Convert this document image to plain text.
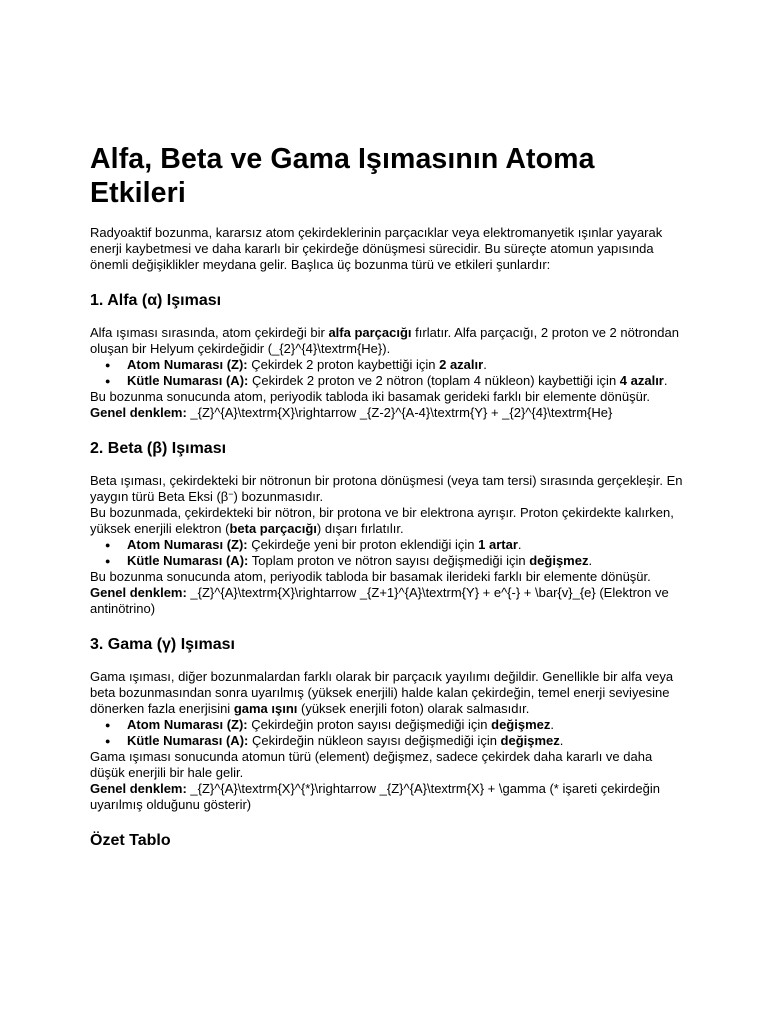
Alfa, Beta ve Gama Işımasının Atoma Etkileri

Radyoaktif bozunma, kararsız atom çekirdeklerinin parçacıklar veya elektromanyetik ışınlar yayarak enerji kaybetmesi ve daha kararlı bir çekirdeğe dönüşmesi sürecidir. Bu süreçte atomun yapısında önemli değişiklikler meydana gelir. Başlıca üç bozunma türü ve etkileri şunlardır:

1. Alfa (α) Işıması

Alfa ışıması sırasında, atom çekirdeği bir alfa parçacığı fırlatır. Alfa parçacığı, 2 proton ve 2 nötrondan oluşan bir Helyum çekirdeğidir (_{2}^{4}\textrm{He}).

● Atom Numarası (Z): Çekirdek 2 proton kaybettiği için 2 azalır.
● Kütle Numarası (A): Çekirdek 2 proton ve 2 nötron (toplam 4 nükleon) kaybettiği için 4 azalır.

Bu bozunma sonucunda atom, periyodik tabloda iki basamak gerideki farklı bir elemente dönüşür.

Genel denklem: _{Z}^{A}\textrm{X}\rightarrow _{Z-2}^{A-4}\textrm{Y} + _{2}^{4}\textrm{He}

2. Beta (β) Işıması

Beta ışıması, çekirdekteki bir nötronun bir protona dönüşmesi (veya tam tersi) sırasında gerçekleşir. En yaygın türü Beta Eksi (β−) bozunmasıdır.

Bu bozunmada, çekirdekteki bir nötron, bir protona ve bir elektrona ayrışır. Proton çekirdekte kalırken, yüksek enerjili elektron (beta parçacığı) dışarı fırlatılır.

● Atom Numarası (Z): Çekirdeğe yeni bir proton eklendiği için 1 artar.
● Kütle Numarası (A): Toplam proton ve nötron sayısı değişmediği için değişmez.

Bu bozunma sonucunda atom, periyodik tabloda bir basamak ilerideki farklı bir elemente dönüşür.

Genel denklem: _{Z}^{A}\textrm{X}\rightarrow _{Z+1}^{A}\textrm{Y} + e^{-} + \bar{v}_{e} (Elektron ve antinötrino)

3. Gama (γ) Işıması

Gama ışıması, diğer bozunmalardan farklı olarak bir parçacık yayılımı değildir. Genellikle bir alfa veya beta bozunmasından sonra uyarılmış (yüksek enerjili) halde kalan çekirdeğin, temel enerji seviyesine dönerken fazla enerjisini gama ışını (yüksek enerjili foton) olarak salmasıdır.

● Atom Numarası (Z): Çekirdeğin proton sayısı değişmediği için değişmez.
● Kütle Numarası (A): Çekirdeğin nükleon sayısı değişmediği için değişmez.

Gama ışıması sonucunda atomun türü (element) değişmez, sadece çekirdek daha kararlı ve daha düşük enerjili bir hale gelir.

Genel denklem: _{Z}^{A}\textrm{X}^{*}\rightarrow _{Z}^{A}\textrm{X} + \gamma (* işareti çekirdeğin uyarılmış olduğunu gösterir)

Özet Tablo
